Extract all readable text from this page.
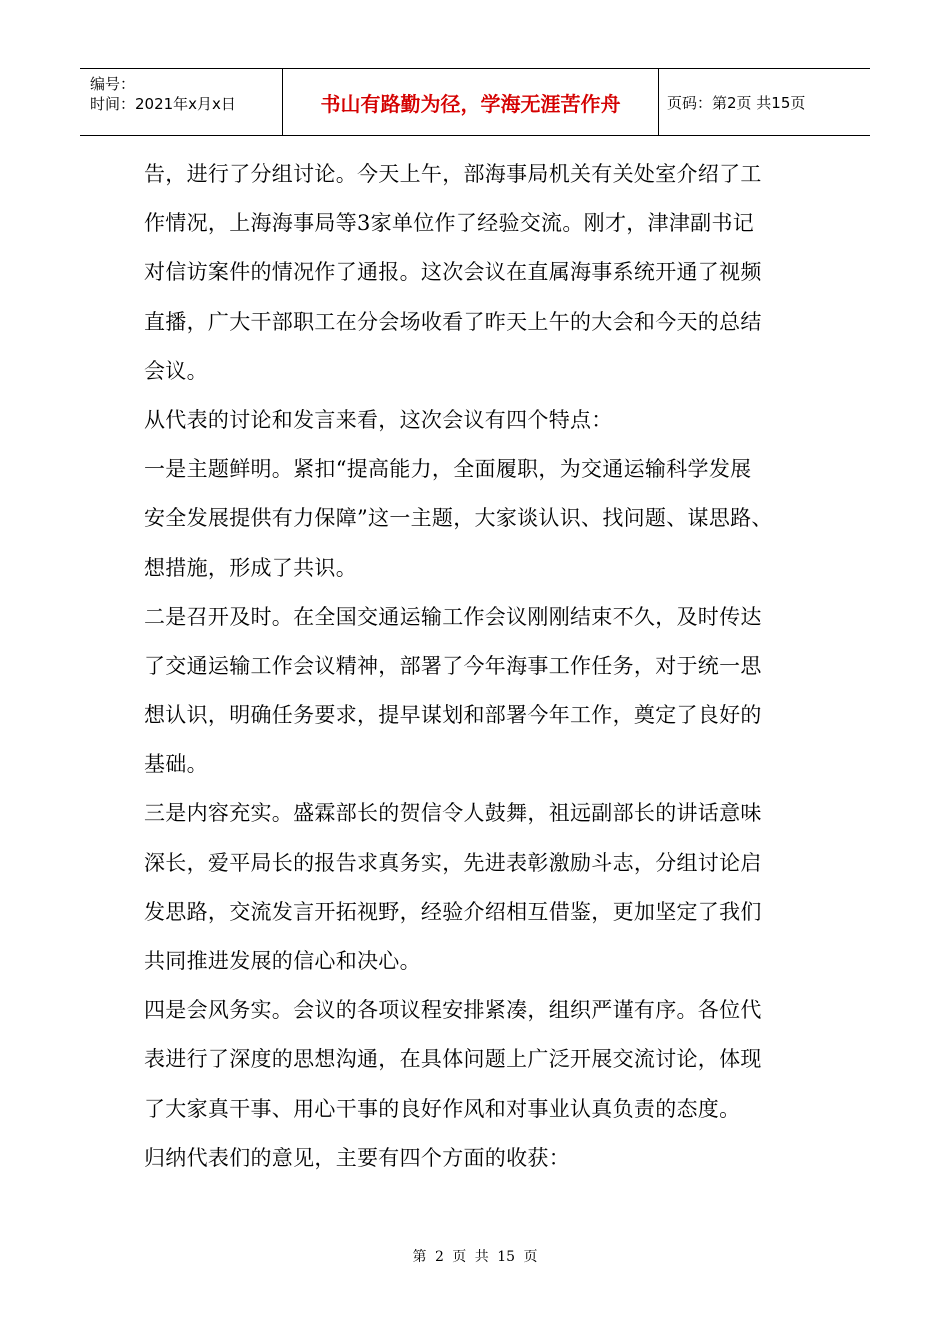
编号：
时间：2021年x月x日	书山有路勤为径，学海无涯苦作舟	页码：第2页 共15页
告，进行了分组讨论。今天上午，部海事局机关有关处室介绍了工
作情况，上海海事局等3家单位作了经验交流。刚才，津津副书记
对信访案件的情况作了通报。这次会议在直属海事系统开通了视频
直播，广大干部职工在分会场收看了昨天上午的大会和今天的总结
会议。
从代表的讨论和发言来看，这次会议有四个特点：
一是主题鲜明。紧扣“提高能力，全面履职，为交通运输科学发展
安全发展提供有力保障”这一主题，大家谈认识、找问题、谋思路、
想措施，形成了共识。
二是召开及时。在全国交通运输工作会议刚刚结束不久，及时传达
了交通运输工作会议精神，部署了今年海事工作任务，对于统一思
想认识，明确任务要求，提早谋划和部署今年工作，奠定了良好的
基础。
三是内容充实。盛霖部长的贺信令人鼓舞，祖远副部长的讲话意味
深长，爱平局长的报告求真务实，先进表彰激励斗志，分组讨论启
发思路，交流发言开拓视野，经验介绍相互借鉴，更加坚定了我们
共同推进发展的信心和决心。
四是会风务实。会议的各项议程安排紧凑，组织严谨有序。各位代
表进行了深度的思想沟通，在具体问题上广泛开展交流讨论，体现
了大家真干事、用心干事的良好作风和对事业认真负责的态度。
归纳代表们的意见，主要有四个方面的收获：
第 2 页 共 15 页
